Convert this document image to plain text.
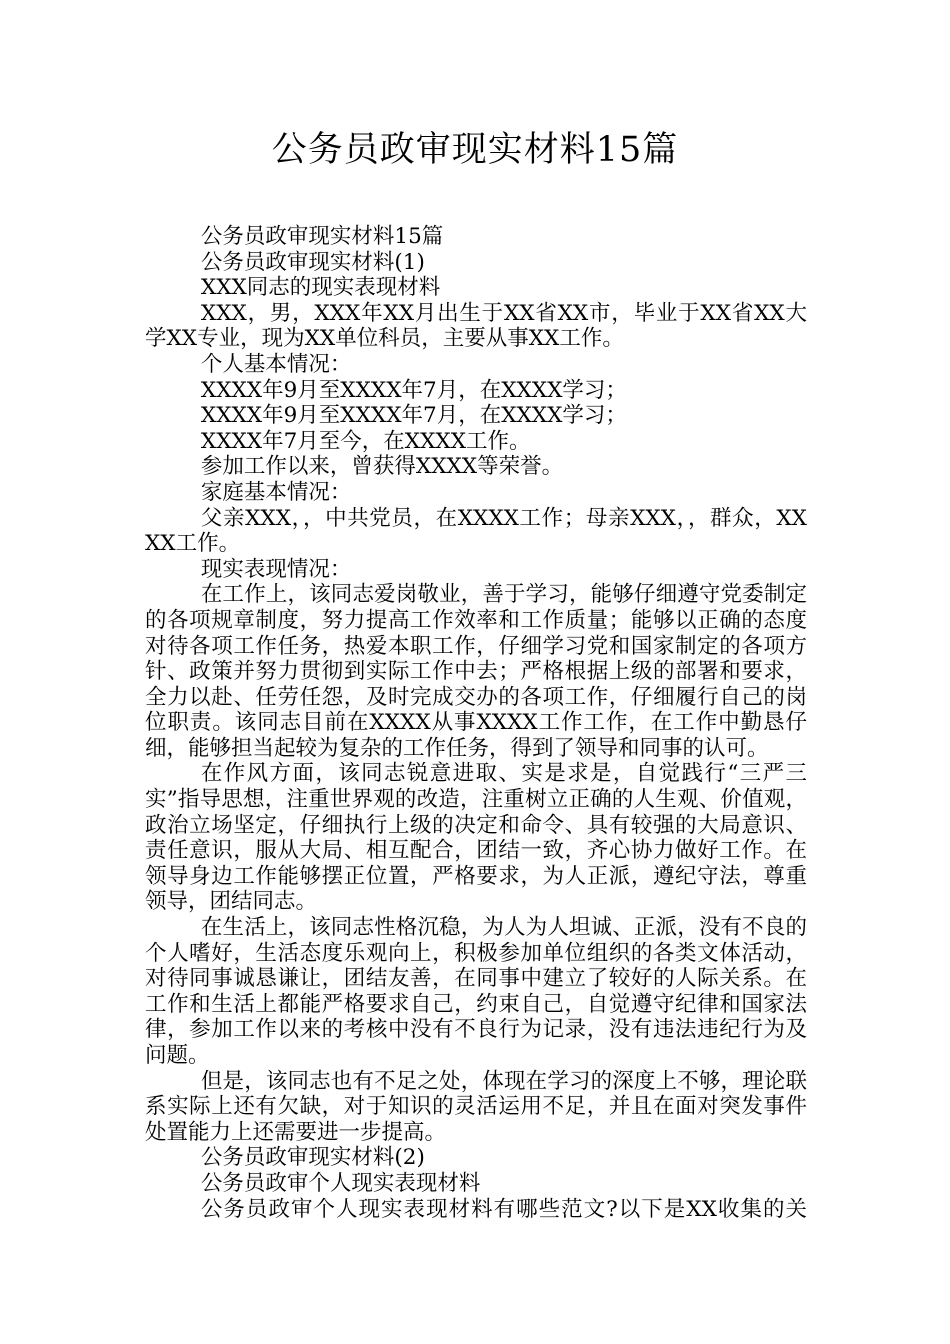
公务员政审现实材料15篇

公务员政审现实材料15篇

公务员政审现实材料(1)

XXX同志的现实表现材料

XXX，男，XXX年XX月出生于XX省XX市，毕业于XX省XX大学XX专业，现为XX单位科员，主要从事XX工作。

个人基本情况：

XXXX年9月至XXXX年7月，在XXXX学习；

XXXX年9月至XXXX年7月，在XXXX学习；

XXXX年7月至今，在XXXX工作。

参加工作以来，曾获得XXXX等荣誉。

家庭基本情况：

父亲XXX，，中共党员，在XXXX工作；母亲XXX，，群众，XXXX工作。

现实表现情况：

在工作上，该同志爱岗敬业，善于学习，能够仔细遵守党委制定的各项规章制度，努力提高工作效率和工作质量；能够以正确的态度对待各项工作任务，热爱本职工作，仔细学习党和国家制定的各项方针、政策并努力贯彻到实际工作中去；严格根据上级的部署和要求，全力以赴、任劳任怨，及时完成交办的各项工作，仔细履行自己的岗位职责。该同志目前在XXXX从事XXXX工作工作，在工作中勤恳仔细，能够担当起较为复杂的工作任务，得到了领导和同事的认可。

在作风方面，该同志锐意进取、实是求是，自觉践行“三严三实”指导思想，注重世界观的改造，注重树立正确的人生观、价值观，政治立场坚定，仔细执行上级的决定和命令、具有较强的大局意识、责任意识，服从大局、相互配合，团结一致，齐心协力做好工作。在领导身边工作能够摆正位置，严格要求，为人正派，遵纪守法，尊重领导，团结同志。

在生活上，该同志性格沉稳，为人为人坦诚、正派，没有不良的个人嗜好，生活态度乐观向上，积极参加单位组织的各类文体活动，对待同事诚恳谦让，团结友善，在同事中建立了较好的人际关系。在工作和生活上都能严格要求自己，约束自己，自觉遵守纪律和国家法律，参加工作以来的考核中没有不良行为记录，没有违法违纪行为及问题。

但是，该同志也有不足之处，体现在学习的深度上不够，理论联系实际上还有欠缺，对于知识的灵活运用不足，并且在面对突发事件处置能力上还需要进一步提高。

公务员政审现实材料(2)

公务员政审个人现实表现材料

公务员政审个人现实表现材料有哪些范文?以下是XX收集的关
